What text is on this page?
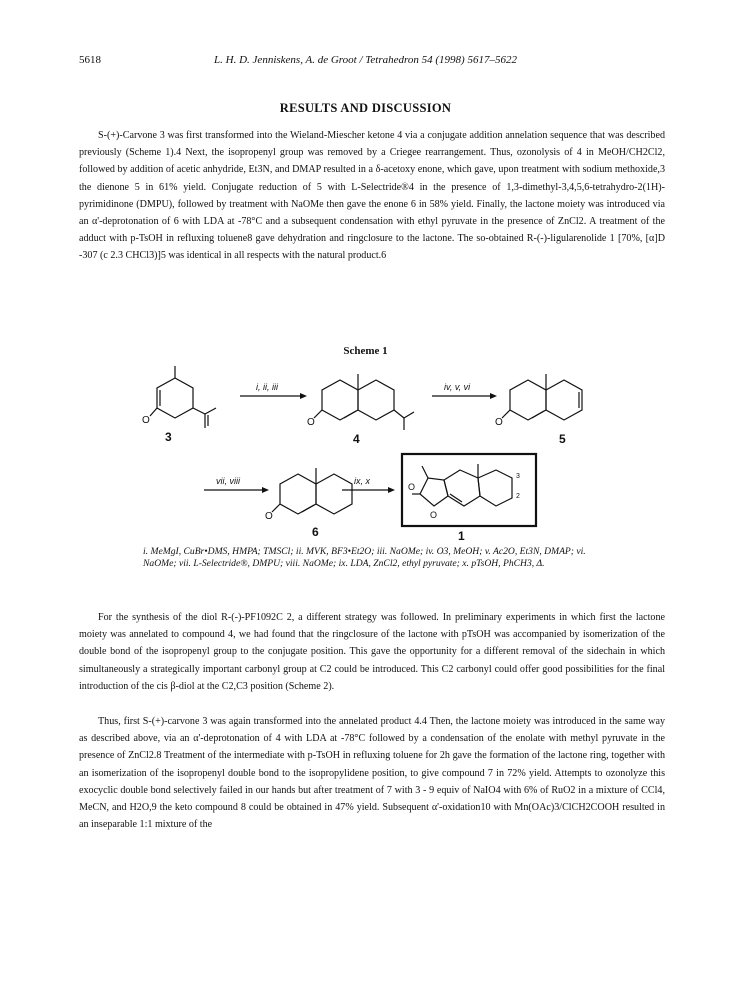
5618	L. H. D. Jenniskens, A. de Groot / Tetrahedron 54 (1998) 5617–5622
RESULTS AND DISCUSSION

S-(+)-Carvone 3 was first transformed into the Wieland-Miescher ketone 4 via a conjugate addition annelation sequence that was described previously (Scheme 1).4 Next, the isopropenyl group was removed by a Criegee rearrangement. Thus, ozonolysis of 4 in MeOH/CH2Cl2, followed by addition of acetic anhydride, Et3N, and DMAP resulted in a δ-acetoxy enone, which gave, upon treatment with sodium methoxide,3 the dienone 5 in 61% yield. Conjugate reduction of 5 with L-Selectride®4 in the presence of 1,3-dimethyl-3,4,5,6-tetrahydro-2(1H)-pyrimidinone (DMPU), followed by treatment with NaOMe then gave the enone 6 in 58% yield. Finally, the lactone moiety was introduced via an α'-deprotonation of 6 with LDA at -78°C and a subsequent condensation with ethyl pyruvate in the presence of ZnCl2. A treatment of the adduct with p-TsOH in refluxing toluene8 gave dehydration and ringclosure to the lactone. The so-obtained R-(-)-ligularenolide 1 [70%, [α]D -307 (c 2.3 CHCl3)]5 was identical in all respects with the natural product.6

Scheme 1
O
3
i, ii, iii
O
4
iv, v, vi
O
5
vii, viii
O
6
ix, x
O
O
3
2
1
i. MeMgI, CuBr•DMS, HMPA; TMSCl; ii. MVK, BF3•Et2O; iii. NaOMe; iv. O3, MeOH; v. Ac2O, Et3N, DMAP; vi. NaOMe; vii. L-Selectride®, DMPU; viii. NaOMe; ix. LDA, ZnCl2, ethyl pyruvate; x. pTsOH, PhCH3, Δ.

For the synthesis of the diol R-(-)-PF1092C 2, a different strategy was followed. In preliminary experiments in which first the lactone moiety was annelated to compound 4, we had found that the ringclosure of the lactone with pTsOH was accompanied by isomerization of the double bond of the isopropenyl group to the conjugate position. This gave the opportunity for a different removal of the sidechain in which simultaneously a strategically important carbonyl group at C2 could be introduced. This C2 carbonyl could offer good possibilities for the final introduction of the cis β-diol at the C2,C3 position (Scheme 2).

Thus, first S-(+)-carvone 3 was again transformed into the annelated product 4.4 Then, the lactone moiety was introduced in the same way as described above, via an α'-deprotonation of 4 with LDA at -78°C followed by a condensation of the enolate with methyl pyruvate in the presence of ZnCl2.8 Treatment of the intermediate with p-TsOH in refluxing toluene for 2h gave the formation of the lactone ring, together with an isomerization of the isopropenyl double bond to the isopropylidene position, to give compound 7 in 72% yield. Attempts to ozonolyze this exocyclic double bond selectively failed in our hands but after treatment of 7 with 3 - 9 equiv of NaIO4 with 6% of RuO2 in a mixture of CCl4, MeCN, and H2O,9 the keto compound 8 could be obtained in 47% yield. Subsequent α'-oxidation10 with Mn(OAc)3/ClCH2COOH resulted in an inseparable 1:1 mixture of the
